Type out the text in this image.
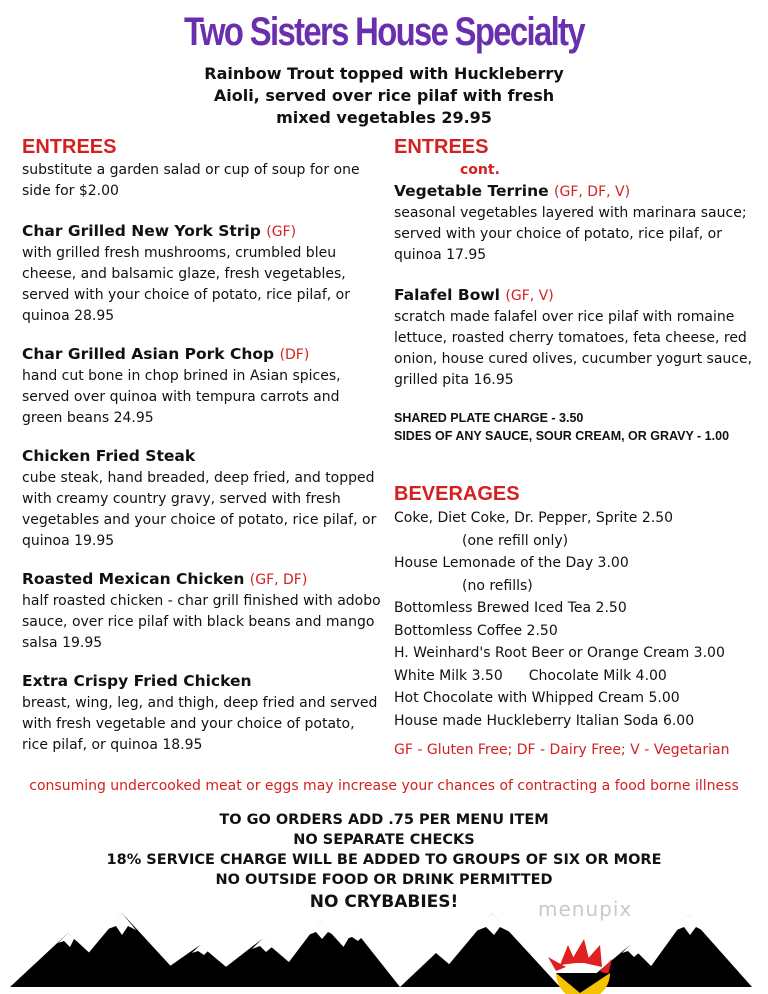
Two Sisters House Specialty
Rainbow Trout topped with Huckleberry
Aioli, served over rice pilaf with fresh
mixed vegetables 29.95
ENTREES
substitute a garden salad or cup of soup for one side for $2.00
Char Grilled New York Strip (GF)
with grilled fresh mushrooms, crumbled bleu cheese, and balsamic glaze, fresh vegetables, served with your choice of potato, rice pilaf, or quinoa 28.95
Char Grilled Asian Pork Chop (DF)
hand cut bone in chop brined in Asian spices, served over quinoa with tempura carrots and green beans 24.95
Chicken Fried Steak
cube steak, hand breaded, deep fried, and topped with creamy country gravy, served with fresh vegetables and your choice of potato, rice pilaf, or quinoa 19.95
Roasted Mexican Chicken (GF, DF)
half roasted chicken - char grill finished with adobo sauce, over rice pilaf with black beans and mango salsa 19.95
Extra Crispy Fried Chicken
breast, wing, leg, and thigh, deep fried and served with fresh vegetable and your choice of potato, rice pilaf, or quinoa 18.95
ENTREES
cont.
Vegetable Terrine (GF, DF, V)
seasonal vegetables layered with marinara sauce; served with your choice of potato, rice pilaf, or quinoa 17.95
Falafel Bowl (GF, V)
scratch made falafel over rice pilaf with romaine lettuce, roasted cherry tomatoes, feta cheese, red onion, house cured olives, cucumber yogurt sauce, grilled pita 16.95
SHARED PLATE CHARGE - 3.50
SIDES OF ANY SAUCE, SOUR CREAM, OR GRAVY - 1.00
BEVERAGES
Coke, Diet Coke, Dr. Pepper, Sprite 2.50
(one refill only)
House Lemonade of the Day 3.00
(no refills)
Bottomless Brewed Iced Tea 2.50
Bottomless Coffee 2.50
H. Weinhard's Root Beer or Orange Cream 3.00
White Milk 3.50 Chocolate Milk 4.00
Hot Chocolate with Whipped Cream 5.00
House made Huckleberry Italian Soda 6.00
GF - Gluten Free; DF - Dairy Free; V - Vegetarian
consuming undercooked meat or eggs may increase your chances of contracting a food borne illness
TO GO ORDERS ADD .75 PER MENU ITEM
NO SEPARATE CHECKS
18% SERVICE CHARGE WILL BE ADDED TO GROUPS OF SIX OR MORE
NO OUTSIDE FOOD OR DRINK PERMITTED
NO CRYBABIES!	menupix
